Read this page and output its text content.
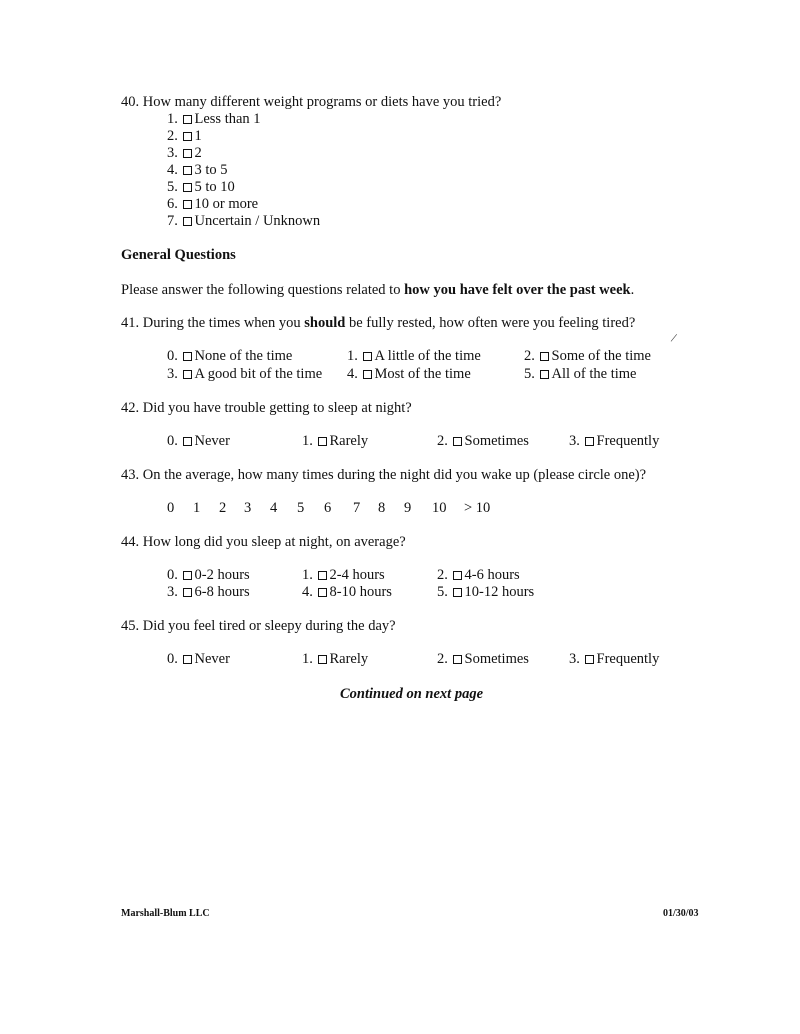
40. How many different weight programs or diets have you tried?
1. Less than 1
2. 1
3. 2
4. 3 to 5
5. 5 to 10
6. 10 or more
7. Uncertain / Unknown
General Questions
Please answer the following questions related to how you have felt over the past week.
41. During the times when you should be fully rested, how often were you feeling tired?
0. None of the time	1. A little of the time	2. Some of the time
3. A good bit of the time 4. Most of the time	5. All of the time
/
42. Did you have trouble getting to sleep at night?
0. Never	1. Rarely	2. Sometimes	3. Frequently
43. On the average, how many times during the night did you wake up (please circle one)?
0 1 2 3 4 5 6 7 8 9 10 > 10
44. How long did you sleep at night, on average?
0. 0-2 hours	1. 2-4 hours	2. 4-6 hours
3. 6-8 hours	4. 8-10 hours	5. 10-12 hours
45. Did you feel tired or sleepy during the day?
0. Never	1. Rarely	2. Sometimes	3. Frequently
Continued on next page
Marshall-Blum LLC	01/30/03
